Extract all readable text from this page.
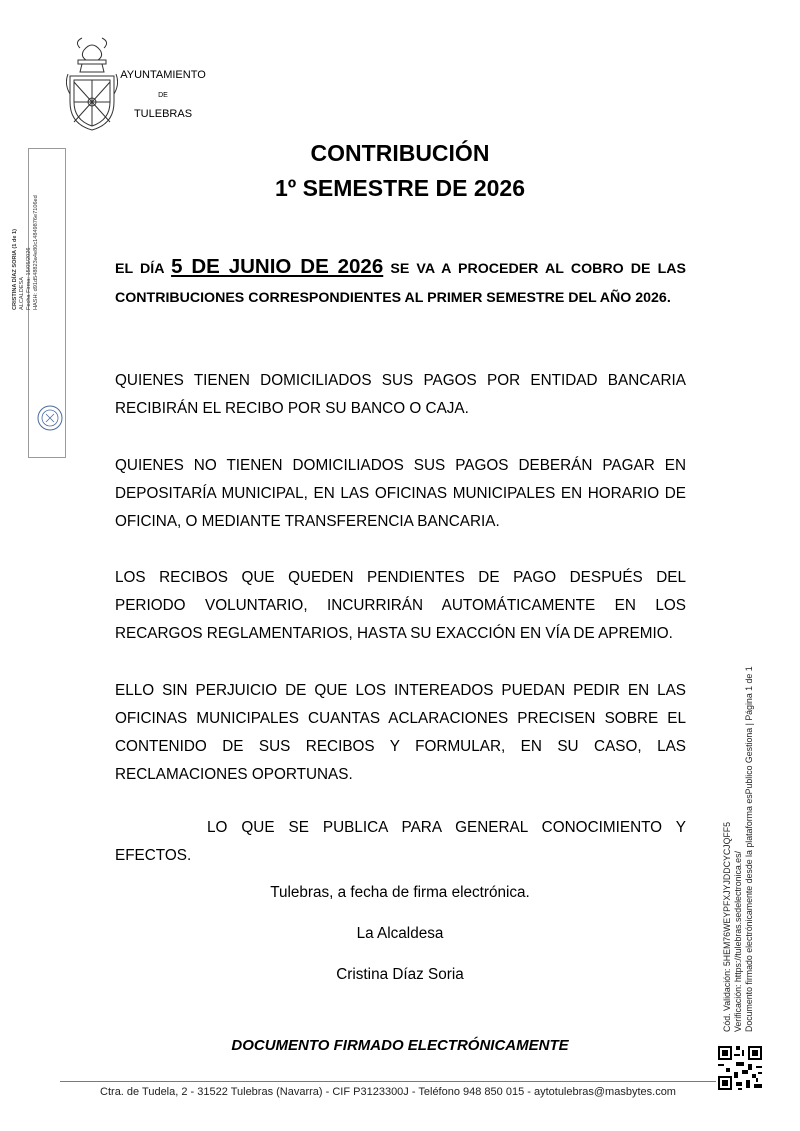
AYUNTAMIENTO
DE
TULEBRAS
CRISTINA DÍAZ SORIA (1 de 1) ALCALDESA Fecha Firma: 15/05/2026 HASH: d91d548823a4e80c14849876e7106ed
CONTRIBUCIÓN
1º SEMESTRE DE 2026
EL DÍA 5 DE JUNIO DE 2026 SE VA A PROCEDER AL COBRO DE LAS CONTRIBUCIONES CORRESPONDIENTES AL PRIMER SEMESTRE DEL AÑO 2026.
QUIENES TIENEN DOMICILIADOS SUS PAGOS POR ENTIDAD BANCARIA RECIBIRÁN EL RECIBO POR SU BANCO O CAJA.
QUIENES NO TIENEN DOMICILIADOS SUS PAGOS DEBERÁN PAGAR EN DEPOSITARÍA MUNICIPAL, EN LAS OFICINAS MUNICIPALES EN HORARIO DE OFICINA, O MEDIANTE TRANSFERENCIA BANCARIA.
LOS RECIBOS QUE QUEDEN PENDIENTES DE PAGO DESPUÉS DEL PERIODO VOLUNTARIO, INCURRIRÁN AUTOMÁTICAMENTE EN LOS RECARGOS REGLAMENTARIOS, HASTA SU EXACCIÓN EN VÍA DE APREMIO.
ELLO SIN PERJUICIO DE QUE LOS INTEREADOS PUEDAN PEDIR EN LAS OFICINAS MUNICIPALES CUANTAS ACLARACIONES PRECISEN SOBRE EL CONTENIDO DE SUS RECIBOS Y FORMULAR, EN SU CASO, LAS RECLAMACIONES OPORTUNAS.
LO QUE SE PUBLICA PARA GENERAL CONOCIMIENTO Y EFECTOS.
Tulebras, a fecha de firma electrónica.
La Alcaldesa
Cristina Díaz Soria
DOCUMENTO FIRMADO ELECTRÓNICAMENTE
Ctra. de Tudela, 2 - 31522 Tulebras (Navarra) - CIF P3123300J - Teléfono 948 850 015 - aytotulebras@masbytes.com
Cód. Validación: 5HEM76WEYPFXJYJDDCYCJQFF5 Verificación: https://tulebras.sedelectronica.es/ Documento firmado electrónicamente desde la plataforma esPublico Gestiona | Página 1 de 1
